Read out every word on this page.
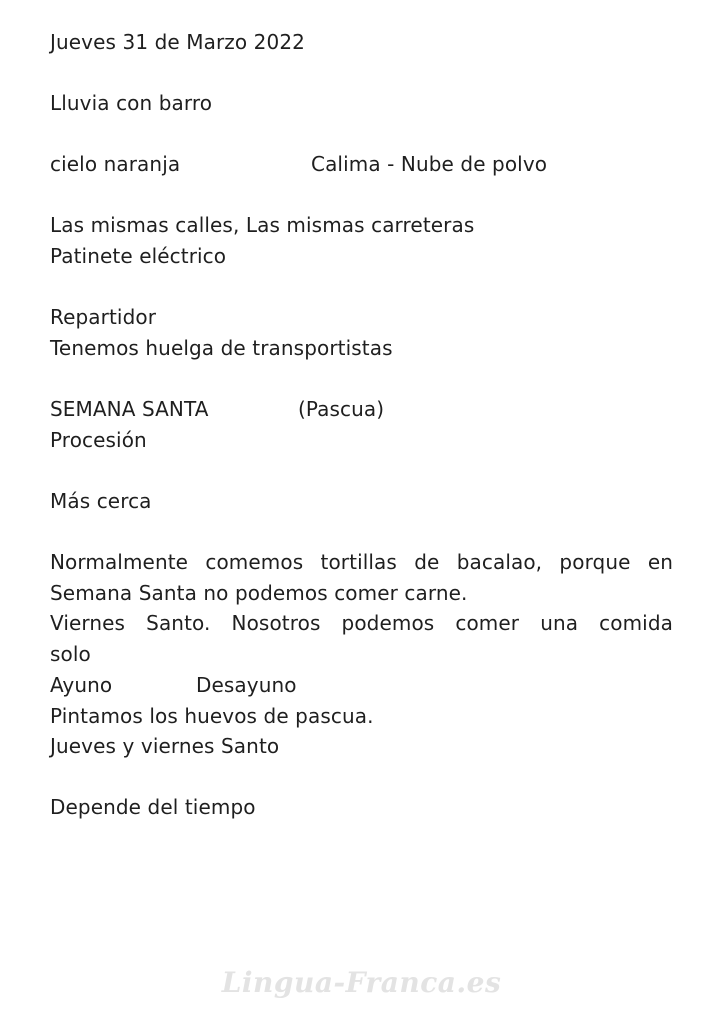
Jueves 31 de Marzo 2022
Lluvia con barro
cielo naranja	Calima - Nube de polvo
Las mismas calles, Las mismas carreteras
Patinete eléctrico
Repartidor
Tenemos huelga de transportistas
SEMANA SANTA	(Pascua)
Procesión
Más cerca
Normalmente comemos tortillas de bacalao, porque en
Semana Santa no podemos comer carne.
Viernes Santo. Nosotros podemos comer una comida
solo
Ayuno	Desayuno
Pintamos los huevos de pascua.
Jueves y viernes Santo
Depende del tiempo
Lingua-Franca.es
